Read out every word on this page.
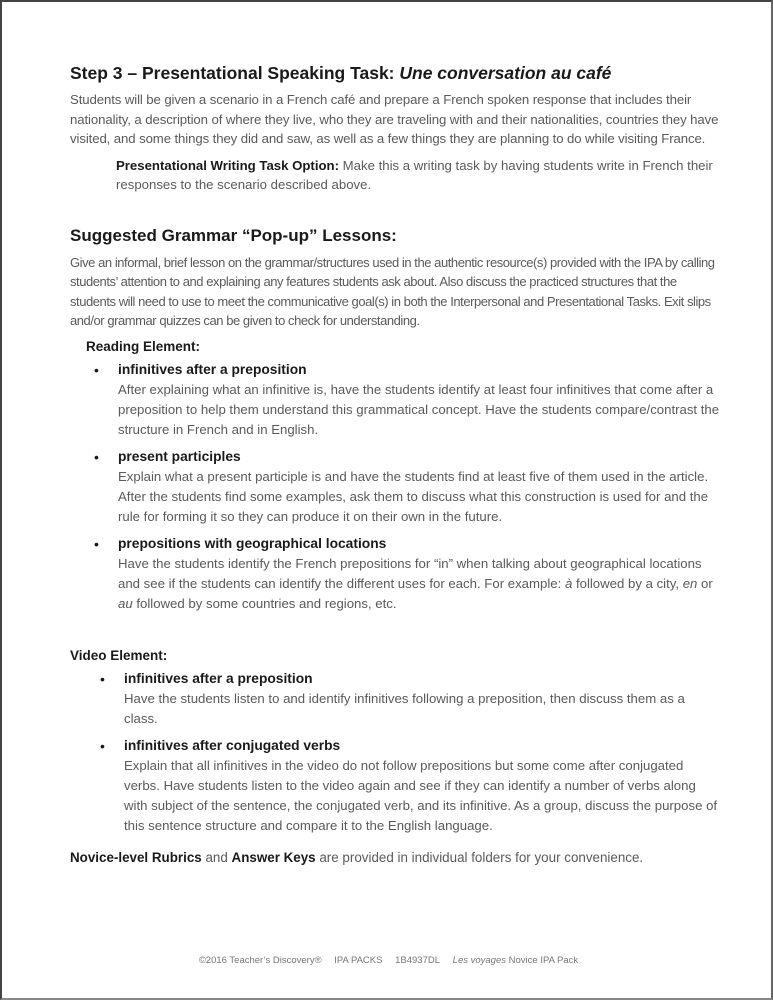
Step 3 – Presentational Speaking Task: Une conversation au café

Students will be given a scenario in a French café and prepare a French spoken response that includes their nationality, a description of where they live, who they are traveling with and their nationalities, countries they have visited, and some things they did and saw, as well as a few things they are planning to do while visiting France.

Presentational Writing Task Option: Make this a writing task by having students write in French their responses to the scenario described above.
Suggested Grammar “Pop-up” Lessons:

Give an informal, brief lesson on the grammar/structures used in the authentic resource(s) provided with the IPA by calling students’ attention to and explaining any features students ask about. Also discuss the practiced structures that the students will need to use to meet the communicative goal(s) in both the Interpersonal and Presentational Tasks. Exit slips and/or grammar quizzes can be given to check for understanding.

Reading Element:
• infinitives after a preposition
After explaining what an infinitive is, have the students identify at least four infinitives that come after a preposition to help them understand this grammatical concept. Have the students compare/contrast the structure in French and in English.
• present participles
Explain what a present participle is and have the students find at least five of them used in the article. After the students find some examples, ask them to discuss what this construction is used for and the rule for forming it so they can produce it on their own in the future.
• prepositions with geographical locations
Have the students identify the French prepositions for “in” when talking about geographical locations and see if the students can identify the different uses for each. For example: à followed by a city, en or au followed by some countries and regions, etc.
Video Element:
• infinitives after a preposition
Have the students listen to and identify infinitives following a preposition, then discuss them as a class.
• infinitives after conjugated verbs
Explain that all infinitives in the video do not follow prepositions but some come after conjugated verbs. Have students listen to the video again and see if they can identify a number of verbs along with subject of the sentence, the conjugated verb, and its infinitive. As a group, discuss the purpose of this sentence structure and compare it to the English language.
Novice-level Rubrics and Answer Keys are provided in individual folders for your convenience.
©2016 Teacher’s Discovery® IPA PACKS 1B4937DL Les voyages Novice IPA Pack
